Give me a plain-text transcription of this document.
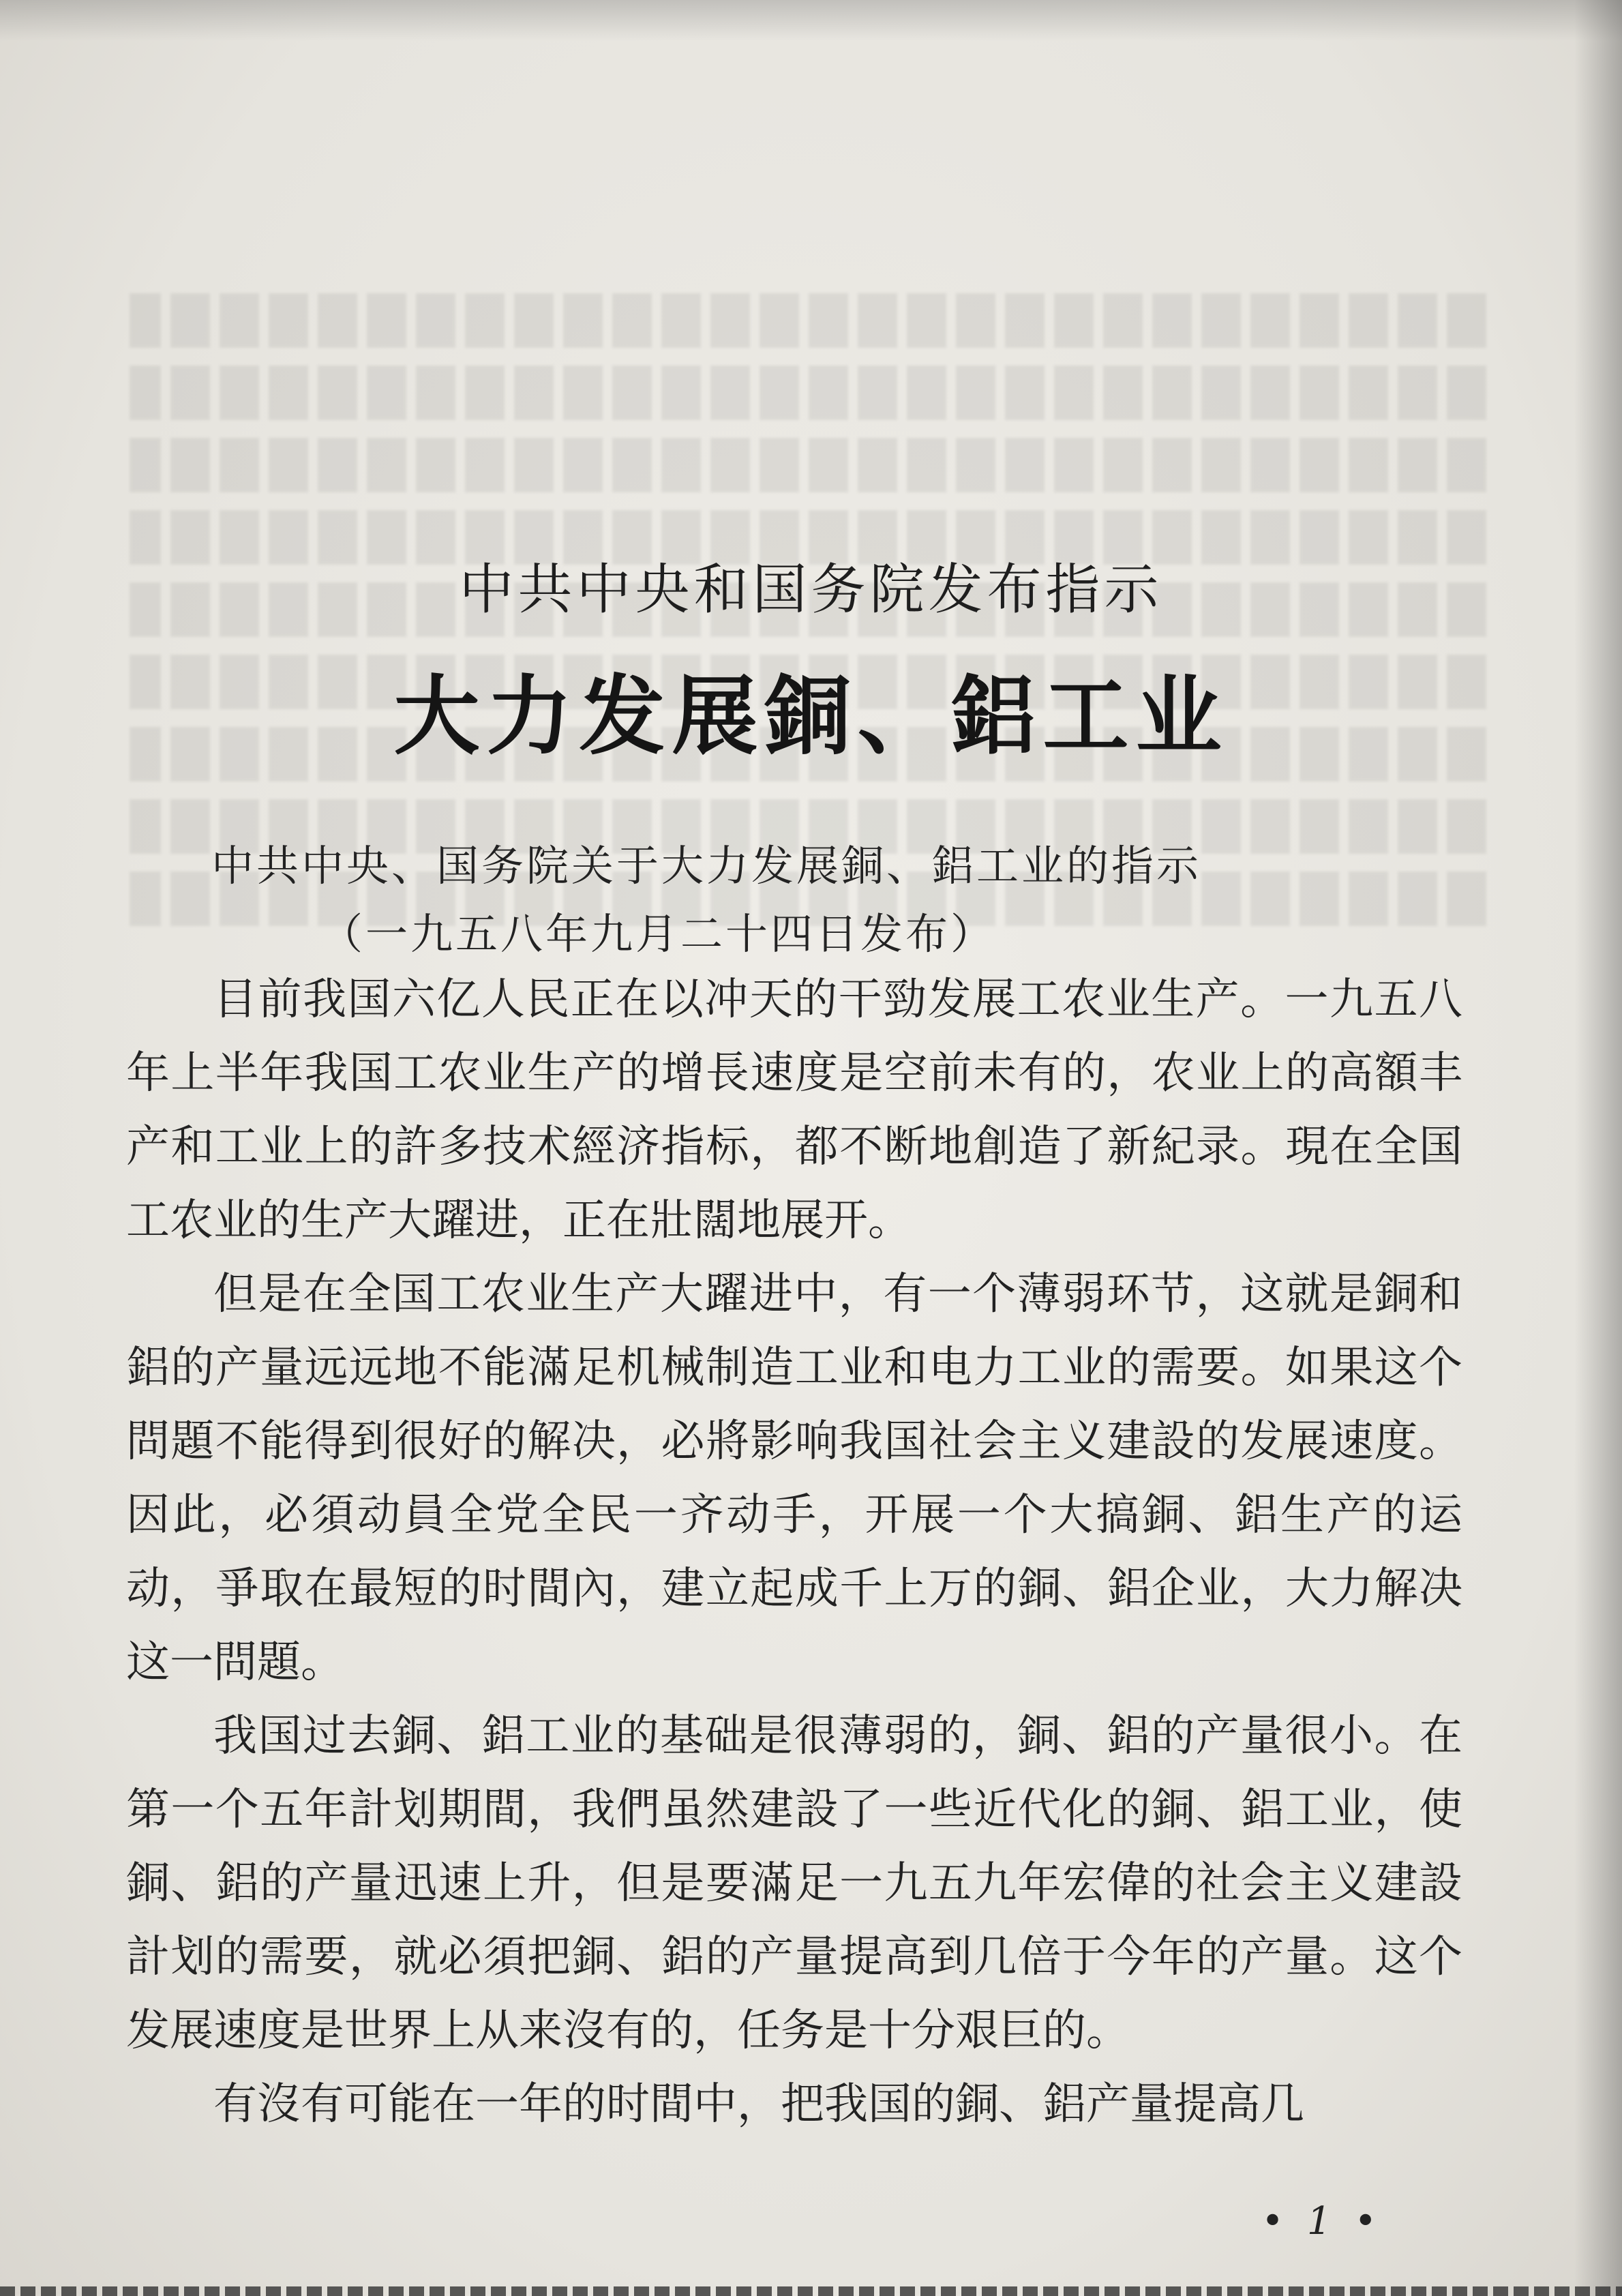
中共中央和国务院发布指示
大力发展銅、鋁工业
中共中央、国务院关于大力发展銅、鋁工业的指示
（一九五八年九月二十四日发布）

目前我国六亿人民正在以冲天的干勁发展工农业生产。一九五八年上半年我国工农业生产的增長速度是空前未有的，农业上的高額丰产和工业上的許多技术經济指标，都不断地創造了新紀录。現在全国工农业的生产大躍进，正在壯闊地展开。

但是在全国工农业生产大躍进中，有一个薄弱环节，这就是銅和鋁的产量远远地不能滿足机械制造工业和电力工业的需要。如果这个問題不能得到很好的解决，必將影响我国社会主义建設的发展速度。因此，必須动員全党全民一齐动手，开展一个大搞銅、鋁生产的运动，爭取在最短的时間內，建立起成千上万的銅、鋁企业，大力解决这一問題。

我国过去銅、鋁工业的基础是很薄弱的，銅、鋁的产量很小。在第一个五年計划期間，我們虽然建設了一些近代化的銅、鋁工业，使銅、鋁的产量迅速上升，但是要滿足一九五九年宏偉的社会主义建設計划的需要，就必須把銅、鋁的产量提高到几倍于今年的产量。这个发展速度是世界上从来沒有的，任务是十分艰巨的。

有沒有可能在一年的时間中，把我国的銅、鋁产量提高几

• 1 •
